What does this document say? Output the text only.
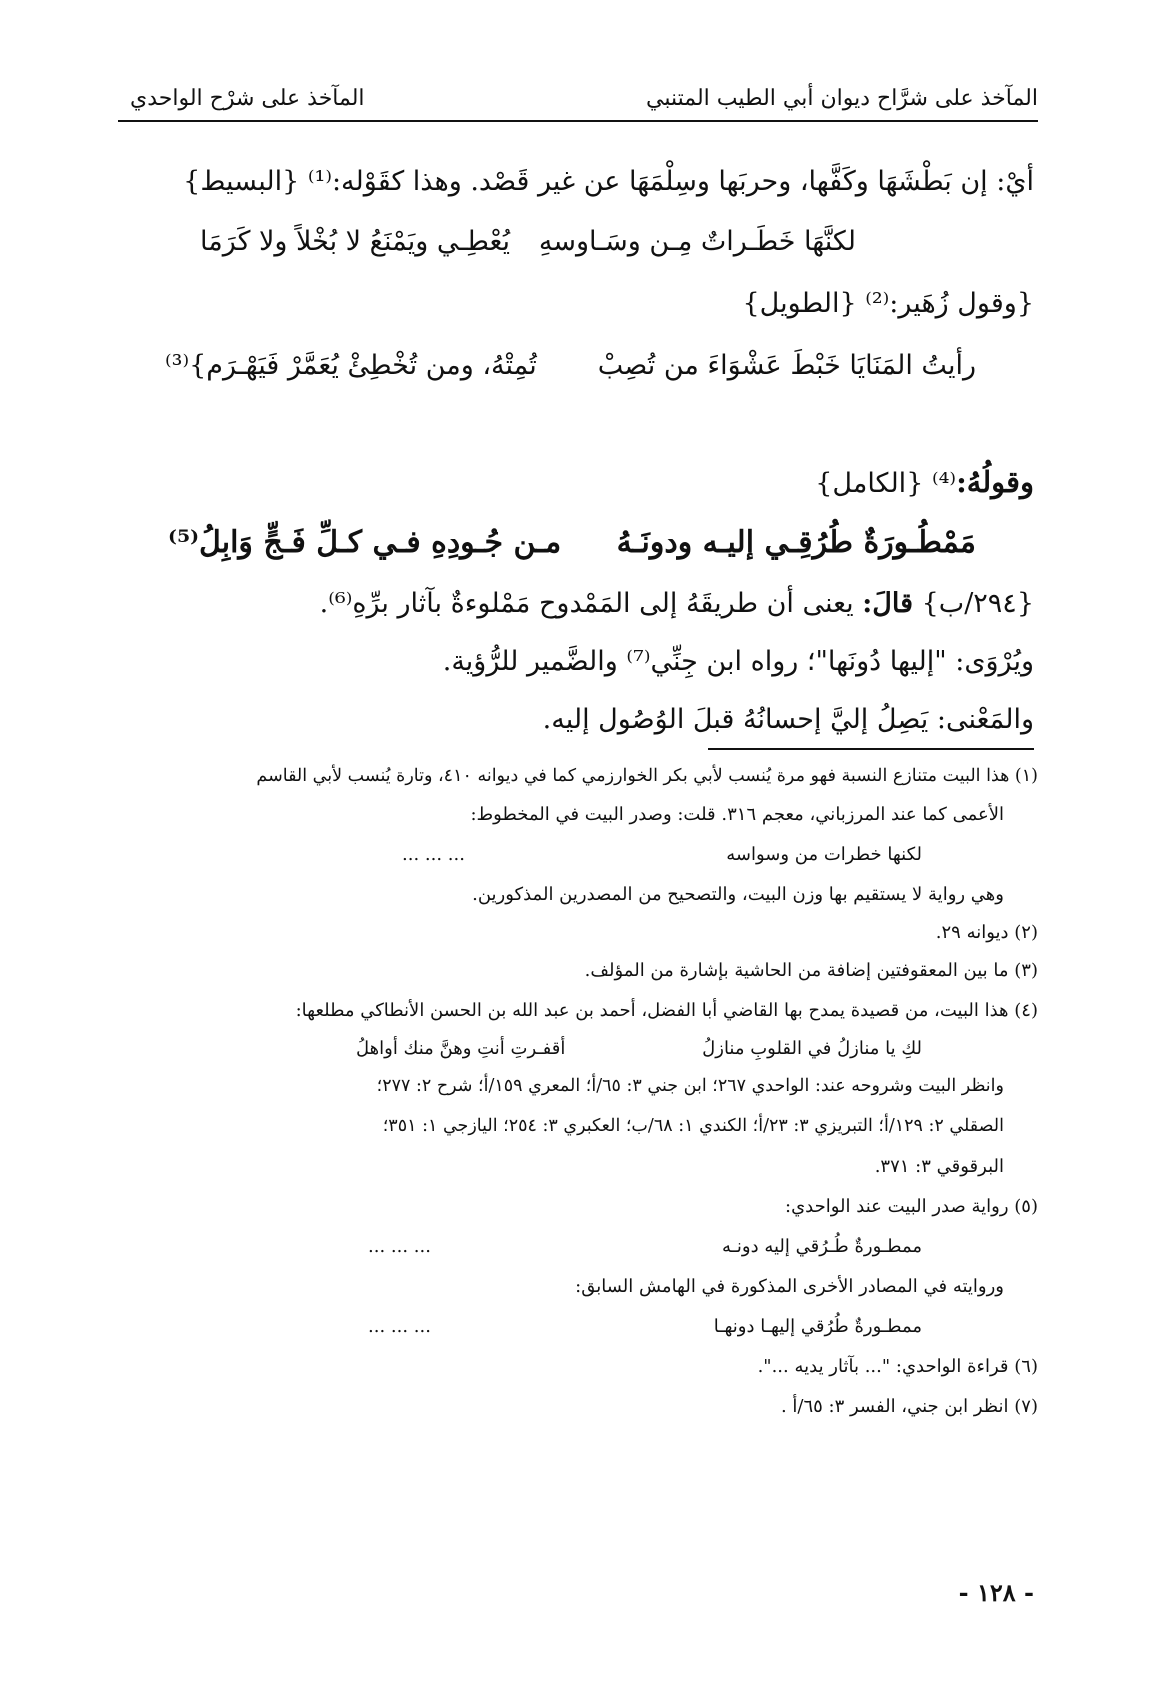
المآخذ على شرَّاح ديوان أبي الطيب المتنبي
المآخذ على شرْح الواحدي
أيْ: إن بَطْشَهَا وكَفَّها، وحربَها وسِلْمَهَا عن غير قَصْد. وهذا كقَوْله:⁽¹⁾ {البسيط}
لكنَّهَا خَطَـراتٌ مِـن وسَـاوسهِ
يُعْطِـي ويَمْنَعُ لا بُخْلاً ولا كَرَمَا
{وقول زُهَير:⁽²⁾ {الطويل}
رأيتُ المَنَايَا خَبْطَ عَشْوَاءَ من تُصِبْ
تُمِتْهُ، ومن تُخْطِئْ يُعَمَّرْ فَيَهْـرَم}⁽³⁾
وقولُهُ:⁽⁴⁾ {الكامل}
مَمْطُـورَةٌ طُرُقِـي إليـه ودونَـهُ
مـن جُـودِهِ فـي كـلِّ فَـجٍّ وَابِلُ⁽⁵⁾
{٢٩٤/ب} قالَ: يعنى أن طريقَهُ إلى المَمْدوح مَمْلوءةٌ بآثار برِّهِ⁽⁶⁾.
ويُرْوَى: "إليها دُونَها"؛ رواه ابن جِنِّي⁽⁷⁾ والضَّمير للرُّؤية.
والمَعْنى: يَصِلُ إليَّ إحسانُهُ قبلَ الوُصُول إليه.
(١) هذا البيت متنازع النسبة فهو مرة يُنسب لأبي بكر الخوارزمي كما في ديوانه ٤١٠، وتارة يُنسب لأبي القاسم
الأعمى كما عند المرزباني، معجم ٣١٦. قلت: وصدر البيت في المخطوط:
لكنها خطرات من وسواسه
... ... ...
وهي رواية لا يستقيم بها وزن البيت، والتصحيح من المصدرين المذكورين.
(٢) ديوانه ٢٩.
(٣) ما بين المعقوفتين إضافة من الحاشية بإشارة من المؤلف.
(٤) هذا البيت، من قصيدة يمدح بها القاضي أبا الفضل، أحمد بن عبد الله بن الحسن الأنطاكي مطلعها:
لكِ يا منازلُ في القلوبِ منازلُ
أقفـرتِ أنتِ وهنَّ منك أواهلُ
وانظر البيت وشروحه عند: الواحدي ٢٦٧؛ ابن جني ٣: ٦٥/أ؛ المعري ١٥٩/أ؛ شرح ٢: ٢٧٧؛
الصقلي ٢: ١٢٩/أ؛ التبريزي ٣: ٢٣/أ؛ الكندي ١: ٦٨/ب؛ العكبري ٣: ٢٥٤؛ اليازجي ١: ٣٥١؛
البرقوقي ٣: ٣٧١.
(٥) رواية صدر البيت عند الواحدي:
ممطـورةٌ طُـرُقي إليه دونـه
... ... ...
وروايته في المصادر الأخرى المذكورة في الهامش السابق:
ممطـورةٌ طُرُقي إليهـا دونهـا
... ... ...
(٦) قراءة الواحدي: "... بآثار يديه ...".
(٧) انظر ابن جني، الفسر ٣: ٦٥/أ .
- ١٢٨ -
